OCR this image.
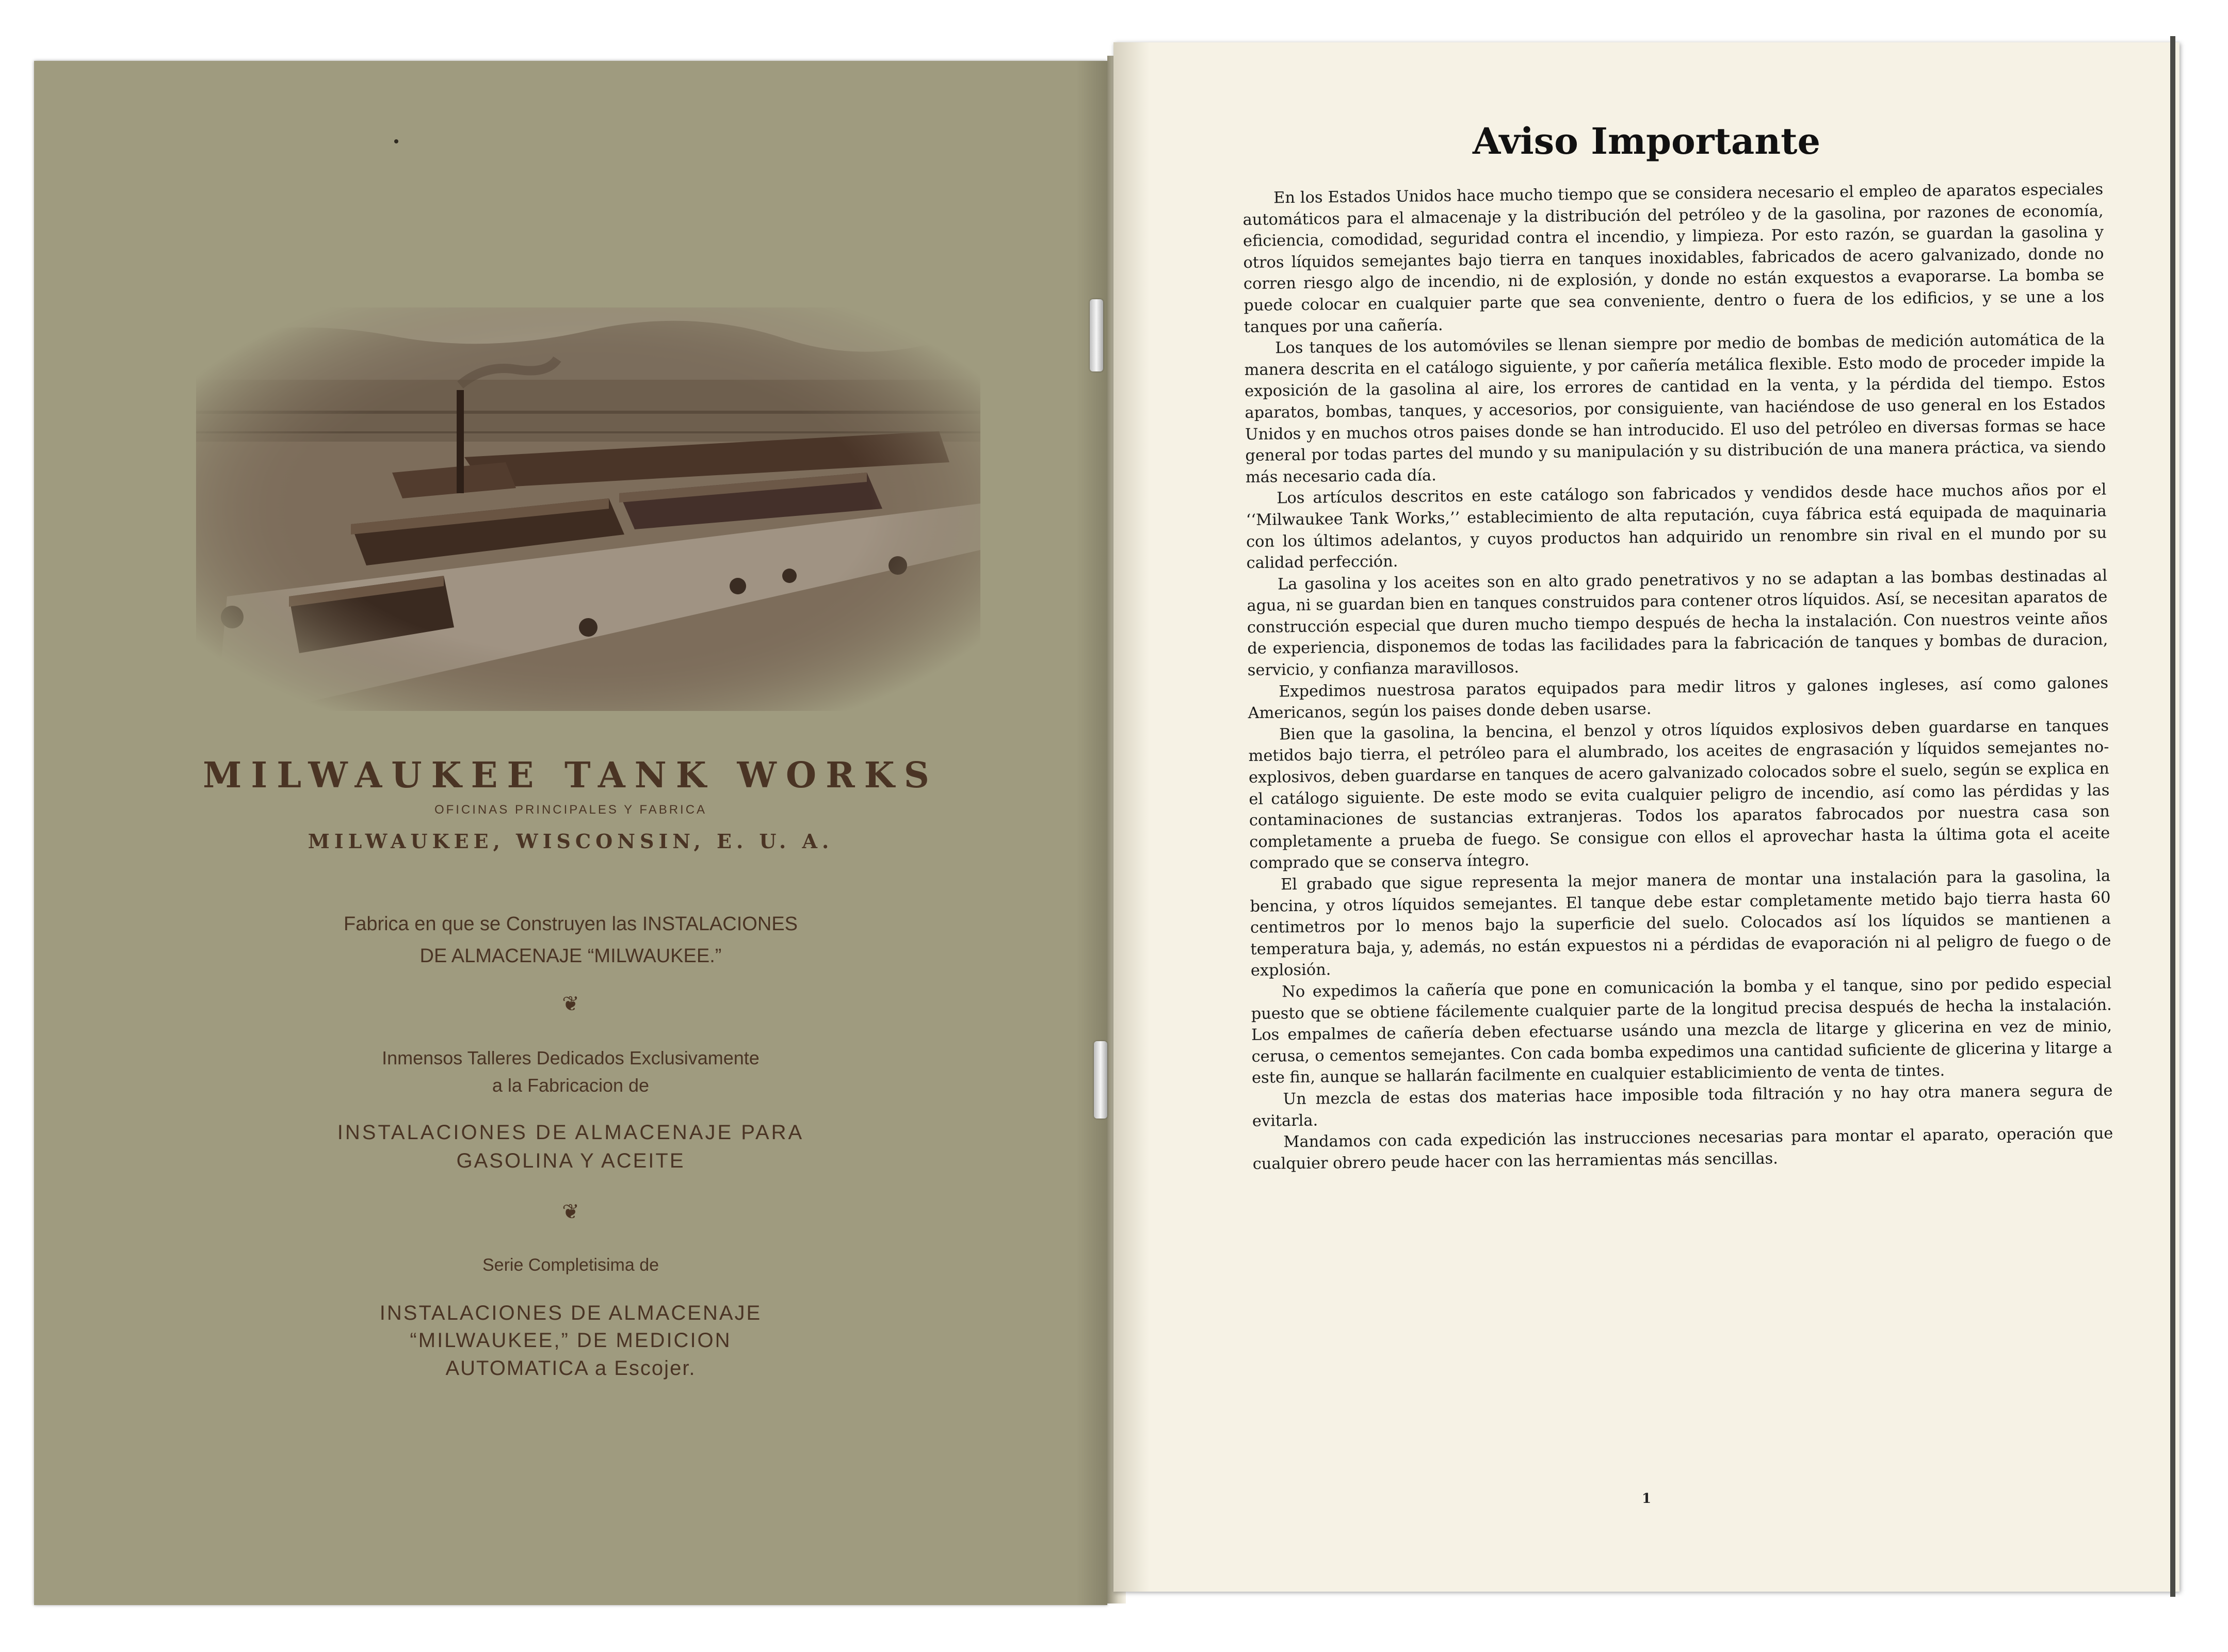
MILWAUKEE TANK WORKS
OFICINAS PRINCIPALES Y FABRICA
MILWAUKEE, WISCONSIN, E. U. A.
Fabrica en que se Construyen las INSTALACIONES
DE ALMACENAJE “MILWAUKEE.”
❦
Inmensos Talleres Dedicados Exclusivamente
a la Fabricacion de
INSTALACIONES DE ALMACENAJE PARA
GASOLINA Y ACEITE
❦
Serie Completisima de
INSTALACIONES DE ALMACENAJE
“MILWAUKEE,” DE MEDICION
AUTOMATICA a Escojer.
Aviso Importante

En los Estados Unidos hace mucho tiempo que se considera necesario el empleo de aparatos especiales automáticos para el almacenaje y la distribución del petróleo y de la gasolina, por razones de economía, eficiencia, comodidad, seguridad contra el incendio, y limpieza. Por esto razón, se guardan la gasolina y otros líquidos semejantes bajo tierra en tanques inoxidables, fabricados de acero galvanizado, donde no corren riesgo algo de incendio, ni de explosión, y donde no están exquestos a evaporarse. La bomba se puede colocar en cualquier parte que sea conveniente, dentro o fuera de los edificios, y se une a los tanques por una cañería.

Los tanques de los automóviles se llenan siempre por medio de bombas de medición automática de la manera descrita en el catálogo siguiente, y por cañería metálica flexible. Esto modo de proceder impide la exposición de la gasolina al aire, los errores de cantidad en la venta, y la pérdida del tiempo. Estos aparatos, bombas, tanques, y accesorios, por consiguiente, van haciéndose de uso general en los Estados Unidos y en muchos otros paises donde se han introducido. El uso del petróleo en diversas formas se hace general por todas partes del mundo y su manipulación y su distribución de una manera práctica, va siendo más necesario cada día.

Los artículos descritos en este catálogo son fabricados y vendidos desde hace muchos años por el ‘‘Milwaukee Tank Works,’’ establecimiento de alta reputación, cuya fábrica está equipada de maquinaria con los últimos adelantos, y cuyos productos han adquirido un renombre sin rival en el mundo por su calidad perfección.

La gasolina y los aceites son en alto grado penetrativos y no se adaptan a las bombas destinadas al agua, ni se guardan bien en tanques construidos para contener otros líquidos. Así, se necesitan aparatos de construcción especial que duren mucho tiempo después de hecha la instalación. Con nuestros veinte años de experiencia, disponemos de todas las facilidades para la fabricación de tanques y bombas de duracion, servicio, y confianza maravillosos.

Expedimos nuestrosa paratos equipados para medir litros y galones ingleses, así como galones Americanos, según los paises donde deben usarse.

Bien que la gasolina, la bencina, el benzol y otros líquidos explosivos deben guardarse en tanques metidos bajo tierra, el petróleo para el alumbrado, los aceites de engrasación y líquidos semejantes no-explosivos, deben guardarse en tanques de acero galvanizado colocados sobre el suelo, según se explica en el catálogo siguiente. De este modo se evita cualquier peligro de incendio, así como las pérdidas y las contaminaciones de sustancias extranjeras. Todos los aparatos fabrocados por nuestra casa son completamente a prueba de fuego. Se consigue con ellos el aprovechar hasta la última gota el aceite comprado que se conserva íntegro.

El grabado que sigue representa la mejor manera de montar una instalación para la gasolina, la bencina, y otros líquidos semejantes. El tanque debe estar completamente metido bajo tierra hasta 60 centimetros por lo menos bajo la superficie del suelo. Colocados así los líquidos se mantienen a temperatura baja, y, además, no están expuestos ni a pérdidas de evaporación ni al peligro de fuego o de explosión.

No expedimos la cañería que pone en comunicación la bomba y el tanque, sino por pedido especial puesto que se obtiene fácilemente cualquier parte de la longitud precisa después de hecha la instalación. Los empalmes de cañería deben efectuarse usándo una mezcla de litarge y glicerina en vez de minio, cerusa, o cementos semejantes. Con cada bomba expedimos una cantidad suficiente de glicerina y litarge a este fin, aunque se hallarán facilmente en cualquier establicimiento de venta de tintes.

Un mezcla de estas dos materias hace imposible toda filtración y no hay otra manera segura de evitarla.

Mandamos con cada expedición las instrucciones necesarias para montar el aparato, operación que cualquier obrero peude hacer con las herramientas más sencillas.

1
